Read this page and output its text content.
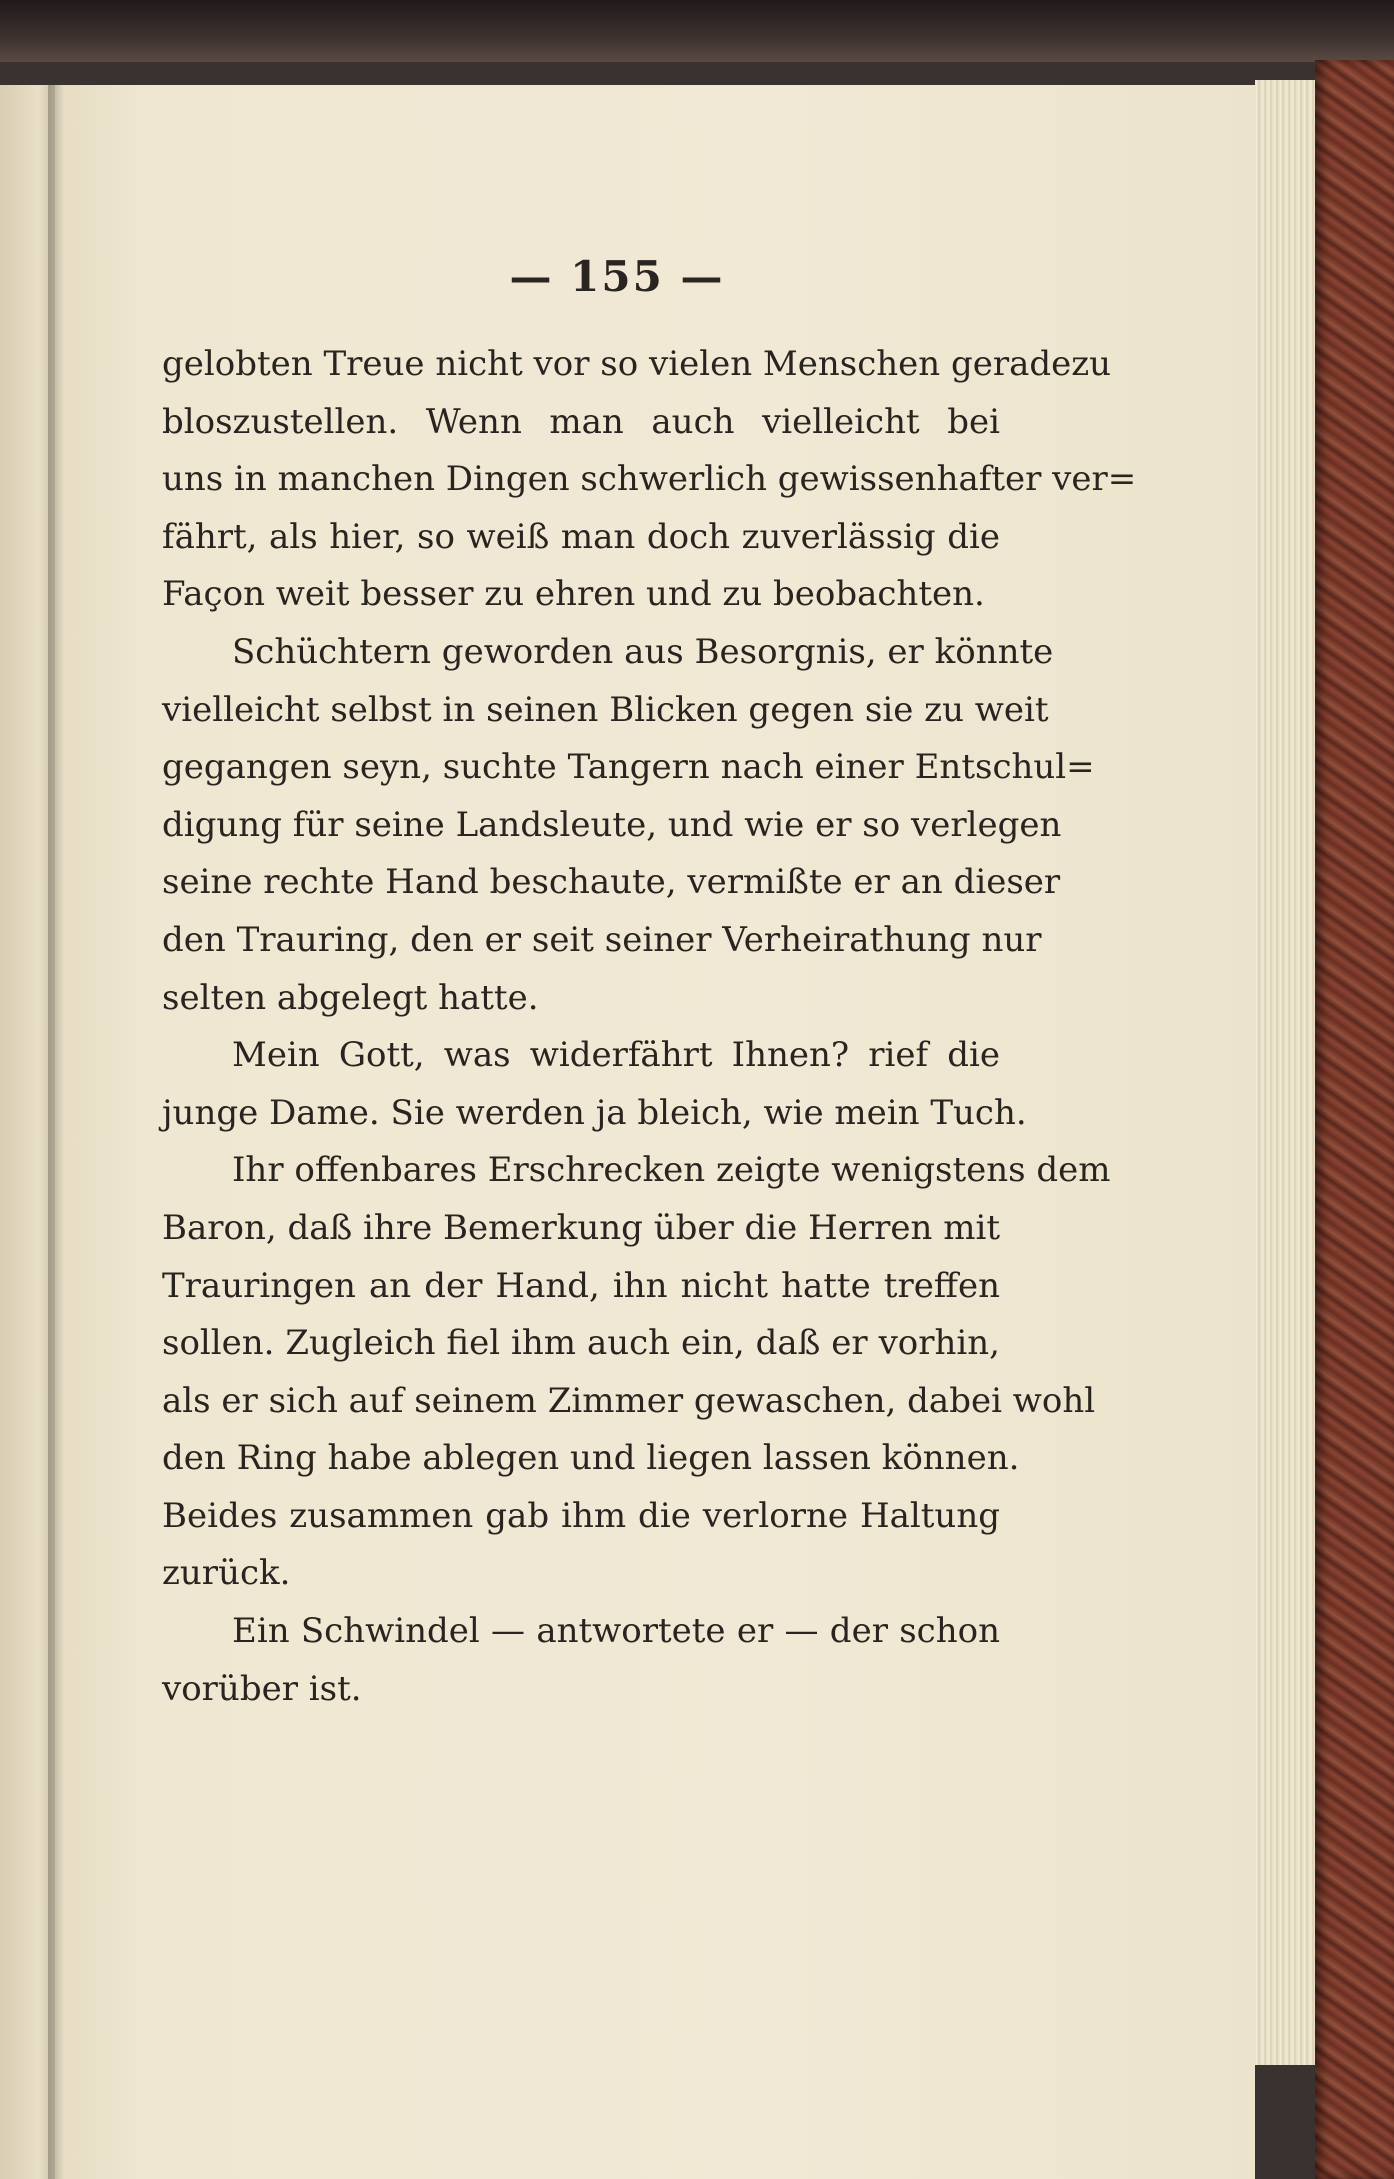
— 155 —

gelobten Treue nicht vor so vielen Menschen geradezu
bloszustellen. Wenn man auch vielleicht bei
uns in manchen Dingen schwerlich gewissenhafter ver=
fährt, als hier, so weiß man doch zuverlässig die
Façon weit besser zu ehren und zu beobachten.

Schüchtern geworden aus Besorgnis, er könnte
vielleicht selbst in seinen Blicken gegen sie zu weit
gegangen seyn, suchte Tangern nach einer Entschul=
digung für seine Landsleute, und wie er so verlegen
seine rechte Hand beschaute, vermißte er an dieser
den Trauring, den er seit seiner Verheirathung nur
selten abgelegt hatte.

Mein Gott, was widerfährt Ihnen? rief die
junge Dame. Sie werden ja bleich, wie mein Tuch.

Ihr offenbares Erschrecken zeigte wenigstens dem
Baron, daß ihre Bemerkung über die Herren mit
Trauringen an der Hand, ihn nicht hatte treffen
sollen. Zugleich fiel ihm auch ein, daß er vorhin,
als er sich auf seinem Zimmer gewaschen, dabei wohl
den Ring habe ablegen und liegen lassen können.
Beides zusammen gab ihm die verlorne Haltung
zurück.

Ein Schwindel — antwortete er — der schon
vorüber ist.
